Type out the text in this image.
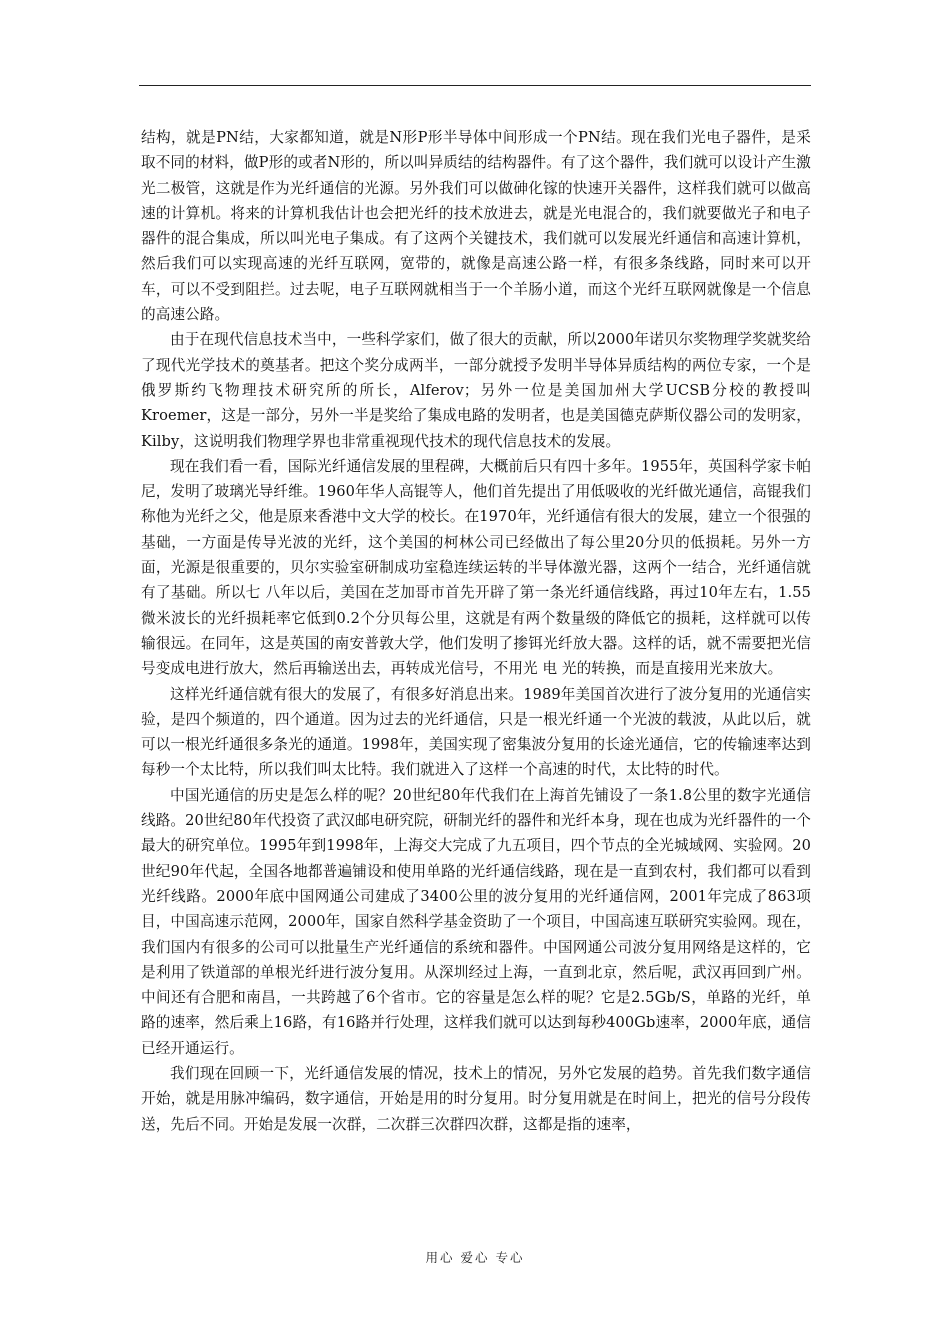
结构，就是PN结，大家都知道，就是N形P形半导体中间形成一个PN结。现在我们光电子器件，是采取不同的材料，做P形的或者N形的，所以叫异质结的结构器件。有了这个器件，我们就可以设计产生激光二极管，这就是作为光纤通信的光源。另外我们可以做砷化镓的快速开关器件，这样我们就可以做高速的计算机。将来的计算机我估计也会把光纤的技术放进去，就是光电混合的，我们就要做光子和电子器件的混合集成，所以叫光电子集成。有了这两个关键技术，我们就可以发展光纤通信和高速计算机，然后我们可以实现高速的光纤互联网，宽带的，就像是高速公路一样，有很多条线路，同时来可以开车，可以不受到阻拦。过去呢，电子互联网就相当于一个羊肠小道，而这个光纤互联网就像是一个信息的高速公路。

由于在现代信息技术当中，一些科学家们，做了很大的贡献，所以2000年诺贝尔奖物理学奖就奖给了现代光学技术的奠基者。把这个奖分成两半，一部分就授予发明半导体异质结构的两位专家，一个是俄罗斯约飞物理技术研究所的所长，Alferov；另外一位是美国加州大学UCSB分校的教授叫Kroemer，这是一部分，另外一半是奖给了集成电路的发明者，也是美国德克萨斯仪器公司的发明家，Kilby，这说明我们物理学界也非常重视现代技术的现代信息技术的发展。

现在我们看一看，国际光纤通信发展的里程碑，大概前后只有四十多年。1955年，英国科学家卡帕尼，发明了玻璃光导纤维。1960年华人高锟等人，他们首先提出了用低吸收的光纤做光通信，高锟我们称他为光纤之父，他是原来香港中文大学的校长。在1970年，光纤通信有很大的发展，建立一个很强的基础，一方面是传导光波的光纤，这个美国的柯林公司已经做出了每公里20分贝的低损耗。另外一方面，光源是很重要的，贝尔实验室研制成功室稳连续运转的半导体激光器，这两个一结合，光纤通信就有了基础。所以七 八年以后，美国在芝加哥市首先开辟了第一条光纤通信线路，再过10年左右，1.55微米波长的光纤损耗率它低到0.2个分贝每公里，这就是有两个数量级的降低它的损耗，这样就可以传输很远。在同年，这是英国的南安普敦大学，他们发明了掺铒光纤放大器。这样的话，就不需要把光信号变成电进行放大，然后再输送出去，再转成光信号，不用光 电 光的转换，而是直接用光来放大。

这样光纤通信就有很大的发展了，有很多好消息出来。1989年美国首次进行了波分复用的光通信实验，是四个频道的，四个通道。因为过去的光纤通信，只是一根光纤通一个光波的载波，从此以后，就可以一根光纤通很多条光的通道。1998年，美国实现了密集波分复用的长途光通信，它的传输速率达到每秒一个太比特，所以我们叫太比特。我们就进入了这样一个高速的时代，太比特的时代。

中国光通信的历史是怎么样的呢？20世纪80年代我们在上海首先铺设了一条1.8公里的数字光通信线路。20世纪80年代投资了武汉邮电研究院，研制光纤的器件和光纤本身，现在也成为光纤器件的一个最大的研究单位。1995年到1998年，上海交大完成了九五项目，四个节点的全光城域网、实验网。20世纪90年代起，全国各地都普遍铺设和使用单路的光纤通信线路，现在是一直到农村，我们都可以看到光纤线路。2000年底中国网通公司建成了3400公里的波分复用的光纤通信网，2001年完成了863项目，中国高速示范网，2000年，国家自然科学基金资助了一个项目，中国高速互联研究实验网。现在，我们国内有很多的公司可以批量生产光纤通信的系统和器件。中国网通公司波分复用网络是这样的，它是利用了铁道部的单根光纤进行波分复用。从深圳经过上海，一直到北京，然后呢，武汉再回到广州。中间还有合肥和南昌，一共跨越了6个省市。它的容量是怎么样的呢？它是2.5Gb/S，单路的光纤，单路的速率，然后乘上16路，有16路并行处理，这样我们就可以达到每秒400Gb速率，2000年底，通信已经开通运行。

我们现在回顾一下，光纤通信发展的情况，技术上的情况，另外它发展的趋势。首先我们数字通信开始，就是用脉冲编码，数字通信，开始是用的时分复用。时分复用就是在时间上，把光的信号分段传送，先后不同。开始是发展一次群，二次群三次群四次群，这都是指的速率，

用心 爱心 专心
